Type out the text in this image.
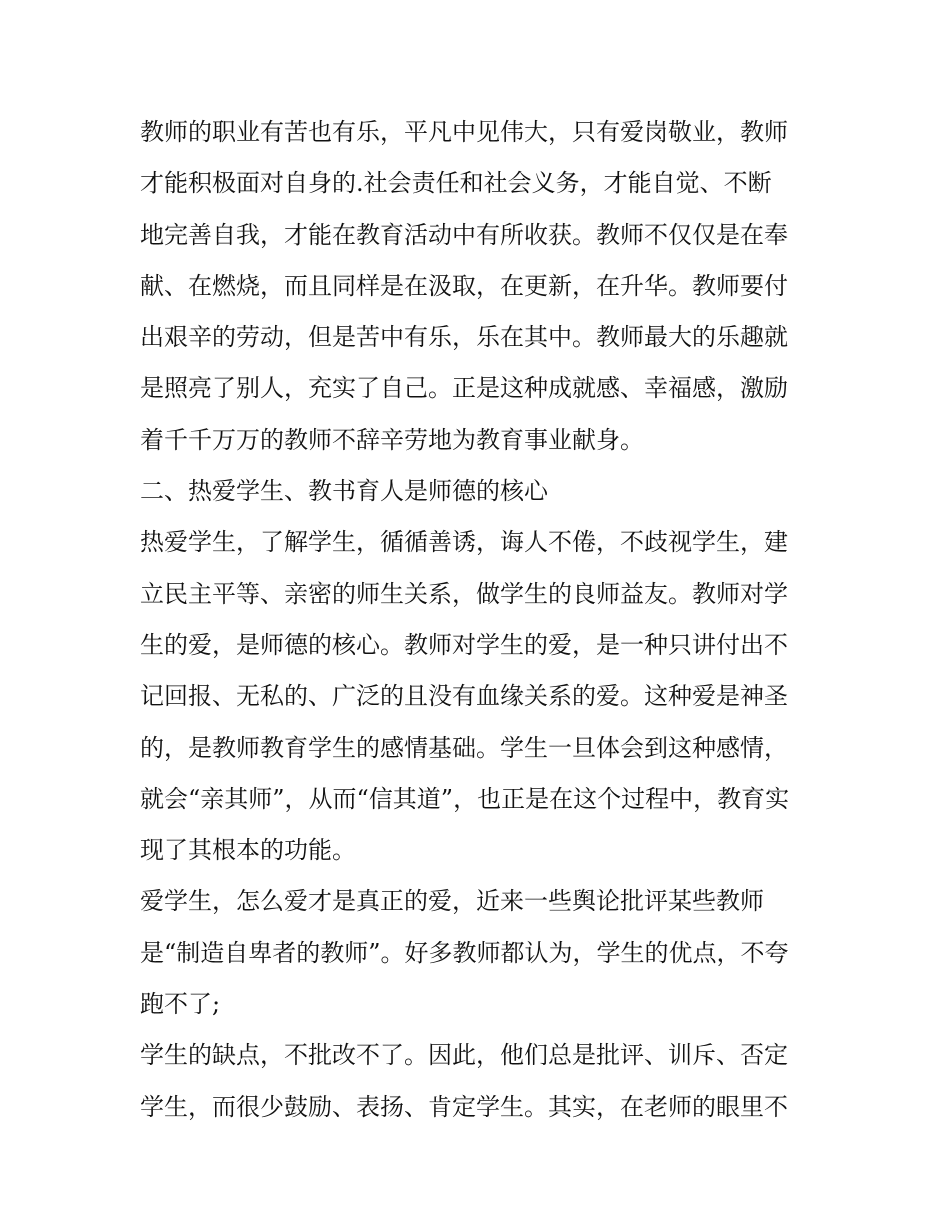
教师的职业有苦也有乐，平凡中见伟大，只有爱岗敬业，教师
才能积极面对自身的.社会责任和社会义务，才能自觉、不断
地完善自我，才能在教育活动中有所收获。教师不仅仅是在奉
献、在燃烧，而且同样是在汲取，在更新，在升华。教师要付
出艰辛的劳动，但是苦中有乐，乐在其中。教师最大的乐趣就
是照亮了别人，充实了自己。正是这种成就感、幸福感，激励
着千千万万的教师不辞辛劳地为教育事业献身。
二、热爱学生、教书育人是师德的核心
热爱学生，了解学生，循循善诱，诲人不倦，不歧视学生，建
立民主平等、亲密的师生关系，做学生的良师益友。教师对学
生的爱，是师德的核心。教师对学生的爱，是一种只讲付出不
记回报、无私的、广泛的且没有血缘关系的爱。这种爱是神圣
的，是教师教育学生的感情基础。学生一旦体会到这种感情，
就会“亲其师”，从而“信其道”，也正是在这个过程中，教育实
现了其根本的功能。
爱学生，怎么爱才是真正的爱，近来一些舆论批评某些教师
是“制造自卑者的教师”。好多教师都认为，学生的优点，不夸
跑不了;
学生的缺点，不批改不了。因此，他们总是批评、训斥、否定
学生，而很少鼓励、表扬、肯定学生。其实，在老师的眼里不
